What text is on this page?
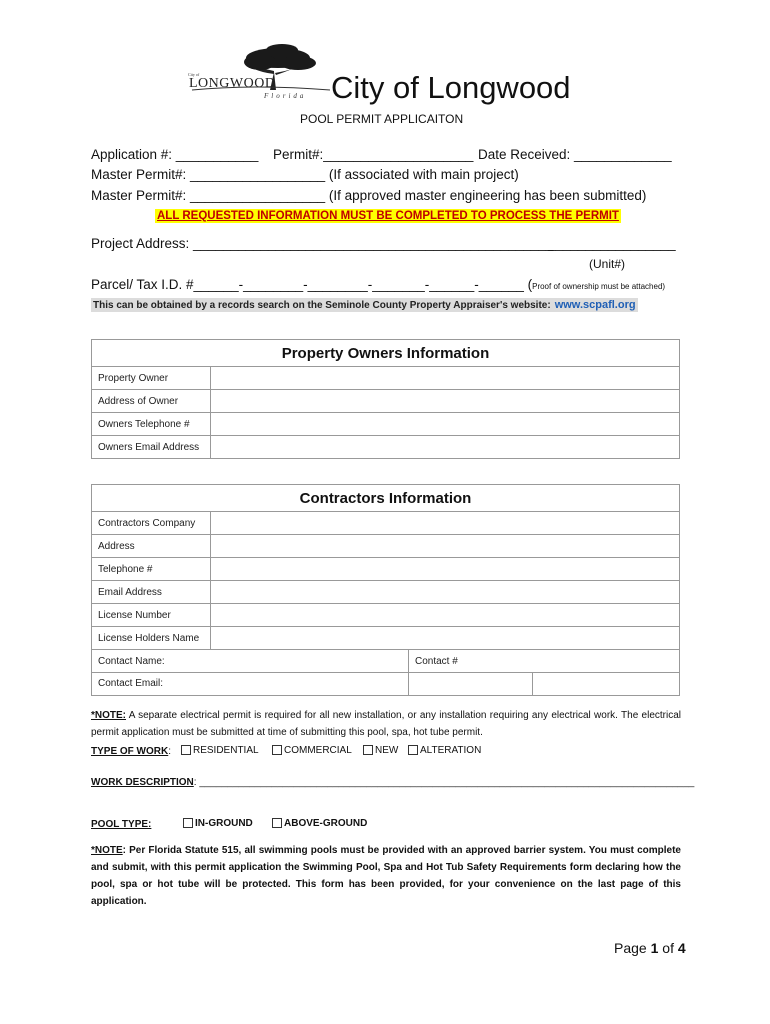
City of
LONGWOOD
Florida City of Longwood
POOL PERMIT APPLICAITON
Application #: ___________ Permit#:____________________ Date Received: _____________
Master Permit#: __________________ (If associated with main project)
Master Permit#: __________________ (If approved master engineering has been submitted)
ALL REQUESTED INFORMATION MUST BE COMPLETED TO PROCESS THE PERMIT
Project Address: ________________________________________________
_________________
(Unit#)
Parcel/ Tax I.D. #______-________-________-_______-______-______ (Proof of ownership must be attached)
This can be obtained by a records search on the Seminole County Property Appraiser's website: www.scpafl.org
Property Owners Information	
Property Owner	
Address of Owner	
Owners Telephone #	
Owners Email Address	
Contractors Information		
Contractors Company		
Address		
Telephone #		
Email Address		
License Number		
License Holders Name		
Contact Name:		Contact #

Contact Email:		

*NOTE: A separate electrical permit is required for all new installation, or any installation requiring any electrical work. The electrical permit application must be submitted at time of submitting this pool, spa, hot tube permit.
TYPE OF WORK:	RESIDENTIAL	COMMERCIAL	NEW	ALTERATION
WORK DESCRIPTION: _________________________________________________________________________________________
POOL TYPE:	IN-GROUND	ABOVE-GROUND
*NOTE: Per Florida Statute 515, all swimming pools must be provided with an approved barrier system. You must complete and submit, with this permit application the Swimming Pool, Spa and Hot Tub Safety Requirements form declaring how the pool, spa or hot tube will be protected. This form has been provided, for your convenience on the last page of this application.
Page 1 of 4
